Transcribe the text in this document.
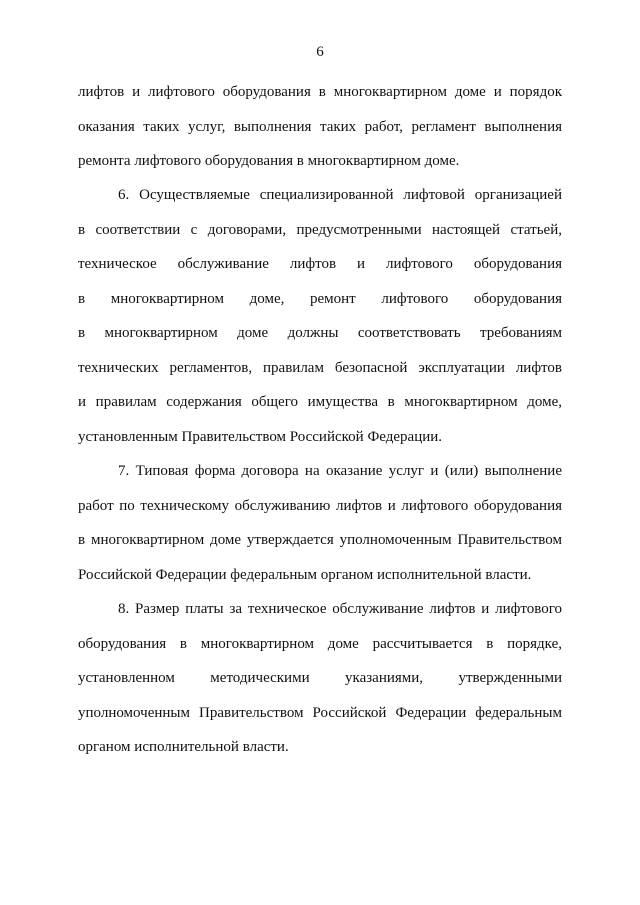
6
лифтов и лифтового оборудования в многоквартирном доме и порядок
оказания таких услуг, выполнения таких работ, регламент выполнения
ремонта лифтового оборудования в многоквартирном доме.
6. Осуществляемые специализированной лифтовой организацией
в соответствии с договорами, предусмотренными настоящей статьей,
техническое обслуживание лифтов и лифтового оборудования
в многоквартирном доме, ремонт лифтового оборудования
в многоквартирном доме должны соответствовать требованиям
технических регламентов, правилам безопасной эксплуатации лифтов
и правилам содержания общего имущества в многоквартирном доме,
установленным Правительством Российской Федерации.
7. Типовая форма договора на оказание услуг и (или) выполнение
работ по техническому обслуживанию лифтов и лифтового оборудования
в многоквартирном доме утверждается уполномоченным Правительством
Российской Федерации федеральным органом исполнительной власти.
8. Размер платы за техническое обслуживание лифтов и лифтового
оборудования в многоквартирном доме рассчитывается в порядке,
установленном методическими указаниями, утвержденными
уполномоченным Правительством Российской Федерации федеральным
органом исполнительной власти.
